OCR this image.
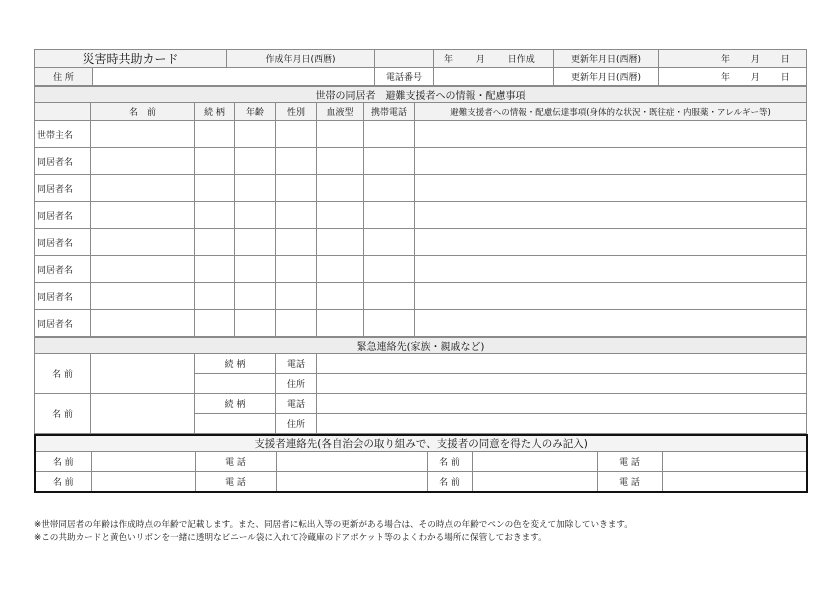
災害時共助カード		作成年月日(西暦)		年 月 日作成	更新年月日(西暦)	年 月 日
住 所			電話番号		更新年月日(西暦)	年 月 日
世帯の同居者　避難支援者への情報・配慮事項							
	名　前	続 柄	年齢	性別	血液型	携帯電話	避難支援者への情報・配慮伝達事項(身体的な状況・既往症・内服薬・アレルギー等)
世帯主名							
同居者名							
同居者名							
同居者名							
同居者名							
同居者名							
同居者名							
同居者名							
緊急連絡先(家族・親戚など)				
名 前		続 柄	電話	
			住所	
名 前		続 柄	電話	
			住所	
支援者連絡先(各自治会の取り組みで、支援者の同意を得た人のみ記入)							
名 前		電 話		名 前		電 話	
名 前		電 話		名 前		電 話	
※世帯同居者の年齢は作成時点の年齢で記載します。また、同居者に転出入等の更新がある場合は、その時点の年齢でペンの色を変えて加除していきます。
※この共助カードと黄色いリボンを一緒に透明なビニール袋に入れて冷蔵庫のドアポケット等のよくわかる場所に保管しておきます。
